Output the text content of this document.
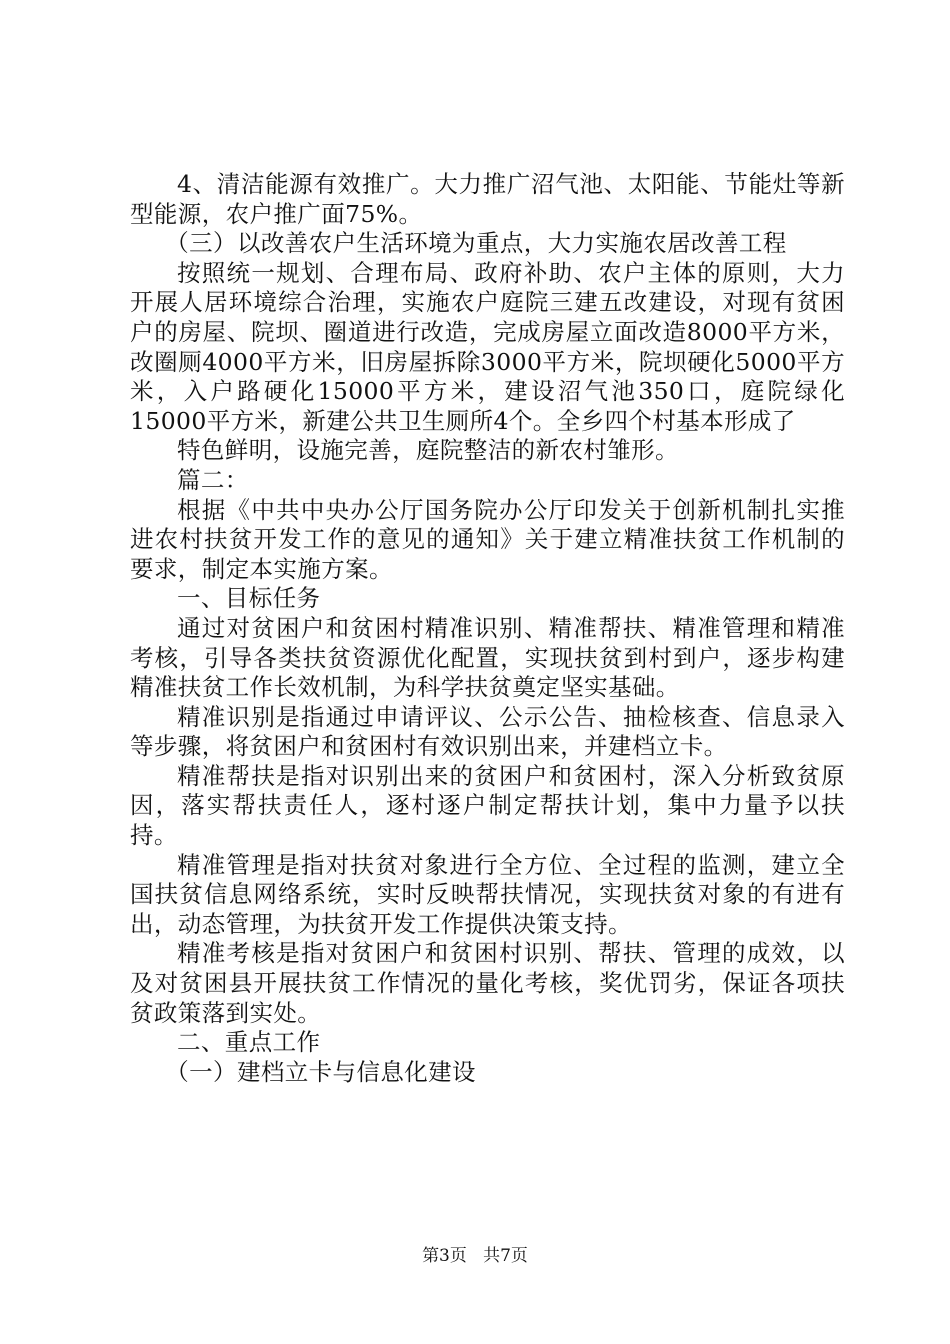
4、清洁能源有效推广。大力推广沼气池、太阳能、节能灶等新型能源，农户推广面75%。

（三）以改善农户生活环境为重点，大力实施农居改善工程

按照统一规划、合理布局、政府补助、农户主体的原则，大力开展人居环境综合治理，实施农户庭院三建五改建设，对现有贫困户的房屋、院坝、圈道进行改造，完成房屋立面改造8000平方米，改圈厕4000平方米，旧房屋拆除3000平方米，院坝硬化5000平方米，入户路硬化15000平方米，建设沼气池350口，庭院绿化15000平方米，新建公共卫生厕所4个。全乡四个村基本形成了

特色鲜明，设施完善，庭院整洁的新农村雏形。

篇二：

根据《中共中央办公厅国务院办公厅印发关于创新机制扎实推进农村扶贫开发工作的意见的通知》关于建立精准扶贫工作机制的要求，制定本实施方案。

一、目标任务

通过对贫困户和贫困村精准识别、精准帮扶、精准管理和精准考核，引导各类扶贫资源优化配置，实现扶贫到村到户，逐步构建精准扶贫工作长效机制，为科学扶贫奠定坚实基础。

精准识别是指通过申请评议、公示公告、抽检核查、信息录入等步骤，将贫困户和贫困村有效识别出来，并建档立卡。

精准帮扶是指对识别出来的贫困户和贫困村，深入分析致贫原因，落实帮扶责任人，逐村逐户制定帮扶计划，集中力量予以扶持。

精准管理是指对扶贫对象进行全方位、全过程的监测，建立全国扶贫信息网络系统，实时反映帮扶情况，实现扶贫对象的有进有出，动态管理，为扶贫开发工作提供决策支持。

精准考核是指对贫困户和贫困村识别、帮扶、管理的成效，以及对贫困县开展扶贫工作情况的量化考核，奖优罚劣，保证各项扶贫政策落到实处。

二、重点工作

（一）建档立卡与信息化建设

第3页 共7页
